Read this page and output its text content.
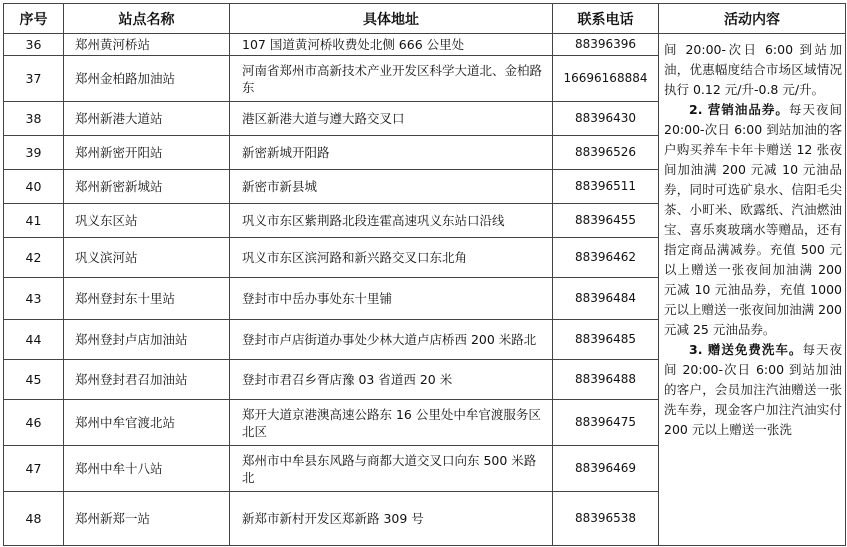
序号	站点名称	具体地址	联系电话	活动内容
36	郑州黄河桥站	107 国道黄河桥收费处北侧 666 公里处	88396396	间 20:00-次日 6:00 到站加油，优惠幅度结合市场区域情况执行 0.12 元/升-0.8 元/升。

2. 营销油品券。每天夜间 20:00-次日 6:00 到站加油的客户购买养车卡年卡赠送 12 张夜间加油满 200 元减 10 元油品券，同时可选矿泉水、信阳毛尖茶、小町米、欧露纸、汽油燃油宝、喜乐爽玻璃水等赠品，还有指定商品满减券。充值 500 元以上赠送一张夜间加油满 200 元减 10 元油品券，充值 1000 元以上赠送一张夜间加油满 200 元减 25 元油品券。

3. 赠送免费洗车。每天夜间 20:00-次日 6:00 到站加油的客户，会员加注汽油赠送一张洗车券，现金客户加注汽油实付 200 元以上赠送一张洗

37	郑州金柏路加油站	河南省郑州市高新技术产业开发区科学大道北、金柏路东	16696168884	
38	郑州新港大道站	港区新港大道与遵大路交叉口	88396430	
39	郑州新密开阳站	新密新城开阳路	88396526	
40	郑州新密新城站	新密市新县城	88396511	
41	巩义东区站	巩义市东区紫荆路北段连霍高速巩义东站口沿线	88396455	
42	巩义滨河站	巩义市东区滨河路和新兴路交叉口东北角	88396462	
43	郑州登封东十里站	登封市中岳办事处东十里铺	88396484	
44	郑州登封卢店加油站	登封市卢店街道办事处少林大道卢店桥西 200 米路北	88396485	
45	郑州登封君召加油站	登封市君召乡胥店豫 03 省道西 20 米	88396488	
46	郑州中牟官渡北站	郑开大道京港澳高速公路东 16 公里处中牟官渡服务区北区	88396475	
47	郑州中牟十八站	郑州市中牟县东风路与商都大道交叉口向东 500 米路北	88396469	
48	郑州新郑一站	新郑市新村开发区郑新路 309 号	88396538	
